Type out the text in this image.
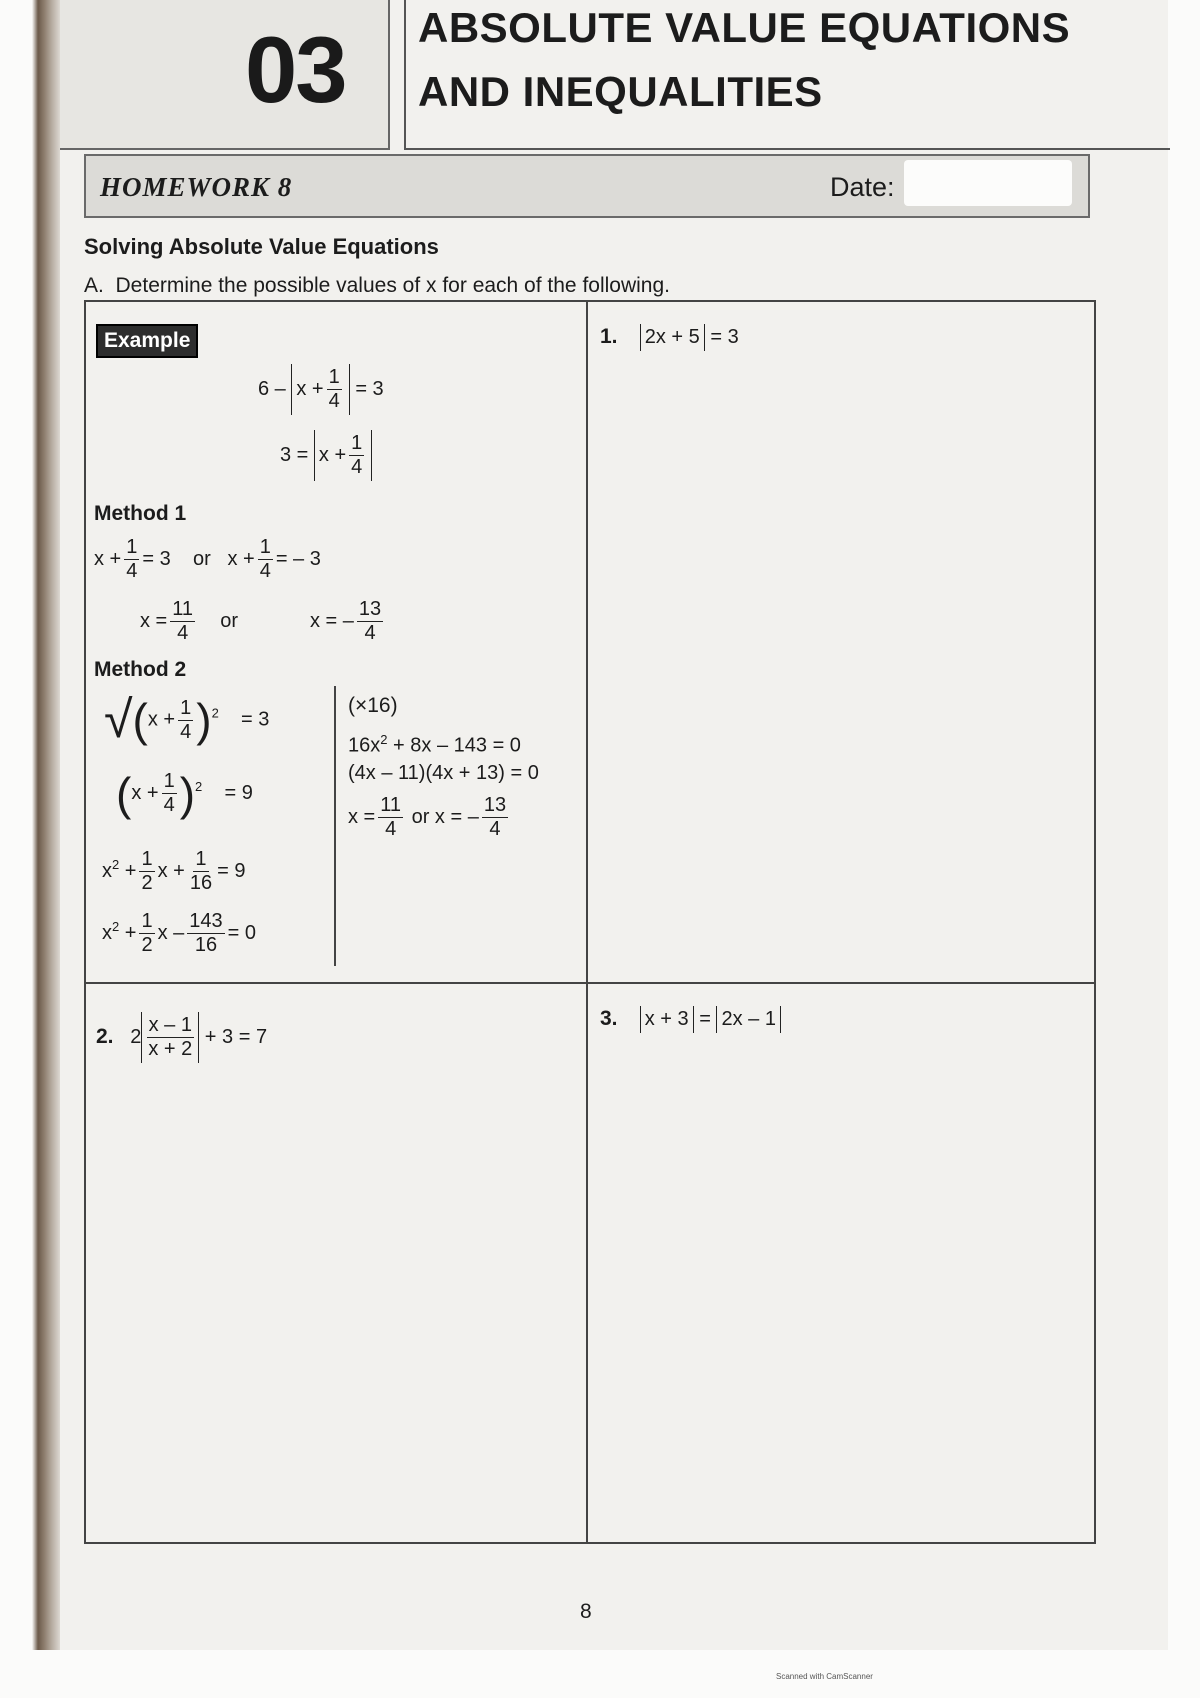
03 ABSOLUTE VALUE EQUATIONS
AND INEQUALITIES
HOMEWORK 8	Date:
Solving Absolute Value Equations
A. Determine the possible values of x for each of the following.
Example
$6 - x + \frac{1}{4} = 3$
$3 = x + \frac{1}{4}$
Method 1
$x + \frac{1}{4} = 3$ or $x + \frac{1}{4}$ = – 3
$x = \frac{11}{4}$ or	x = – $\frac{13}{4}$
Method 2
$√(x + \frac{1}{4} )^2 = 3$
$(x + \frac{1}{4} )^2 = 9$
$x^2 + \frac{1}{2}$ $x + \frac{1}{16} = 9$
$x^2 + \frac{1}{2}$ $x - \frac{143}{16} = 0$
(×16)
$16x^2 + 8x - 143 = 0$
(4x – 11)(4x + 13) = 0
$x = \frac{11}{4}$ or x = – $\frac{13}{4}$
1. 2x + 5 = 3
2. $2 \frac{x - 1}{x + 2} + 3 = 7$
3. x + 3 = 2x – 1
8
Scanned with CamScanner
